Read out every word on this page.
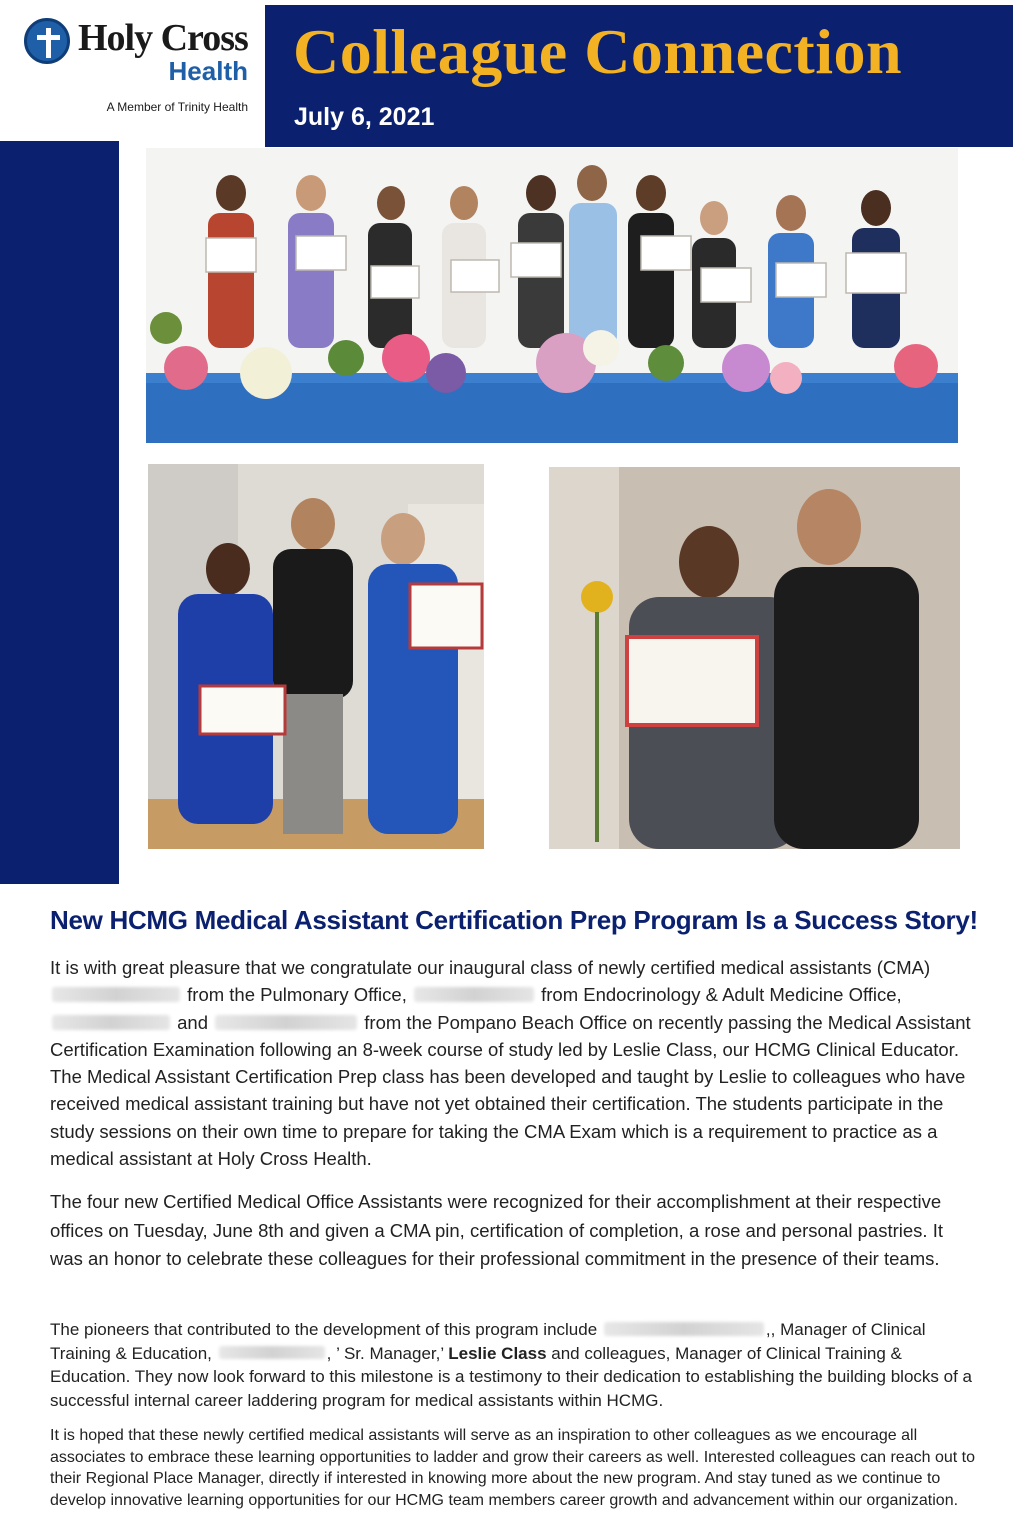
Holy Cross
Health
A Member of Trinity Health
Colleague Connection
July 6, 2021
New HCMG Medical Assistant Certification Prep Program Is a Success Story!

It is with great pleasure that we congratulate our inaugural class of newly certified medical assistants (CMA)  from the Pulmonary Office,	from Endocrinology & Adult Medicine Office,  and	from the Pompano Beach Office on recently passing the Medical Assistant Certification Examination following an 8-week course of study led by Leslie Class, our HCMG Clinical Educator. The Medical Assistant Certification Prep class has been developed and taught by Leslie to colleagues who have received medical assistant training but have not yet obtained their certification. The students participate in the study sessions on their own time to prepare for taking the CMA Exam which is a requirement to practice as a medical assistant at Holy Cross Health.

The four new Certified Medical Office Assistants were recognized for their accomplishment at their respective offices on Tuesday, June 8th and given a CMA pin, certification of completion, a rose and personal pastries. It was an honor to celebrate these colleagues for their professional commitment in the presence of their teams.

The pioneers that contributed to the development of this program include	,, Manager of Clinical Training & Education,	, ’ Sr. Manager,’ Leslie Class and colleagues, Manager of Clinical Training & Education. They now look forward to this milestone is a testimony to their dedication to establishing the building blocks of a successful internal career laddering program for medical assistants within HCMG.

It is hoped that these newly certified medical assistants will serve as an inspiration to other colleagues as we encourage all associates to embrace these learning opportunities to ladder and grow their careers as well. Interested colleagues can reach out to their Regional Place Manager, directly if interested in knowing more about the new program. And stay tuned as we continue to develop innovative learning opportunities for our HCMG team members career growth and advancement within our organization.
